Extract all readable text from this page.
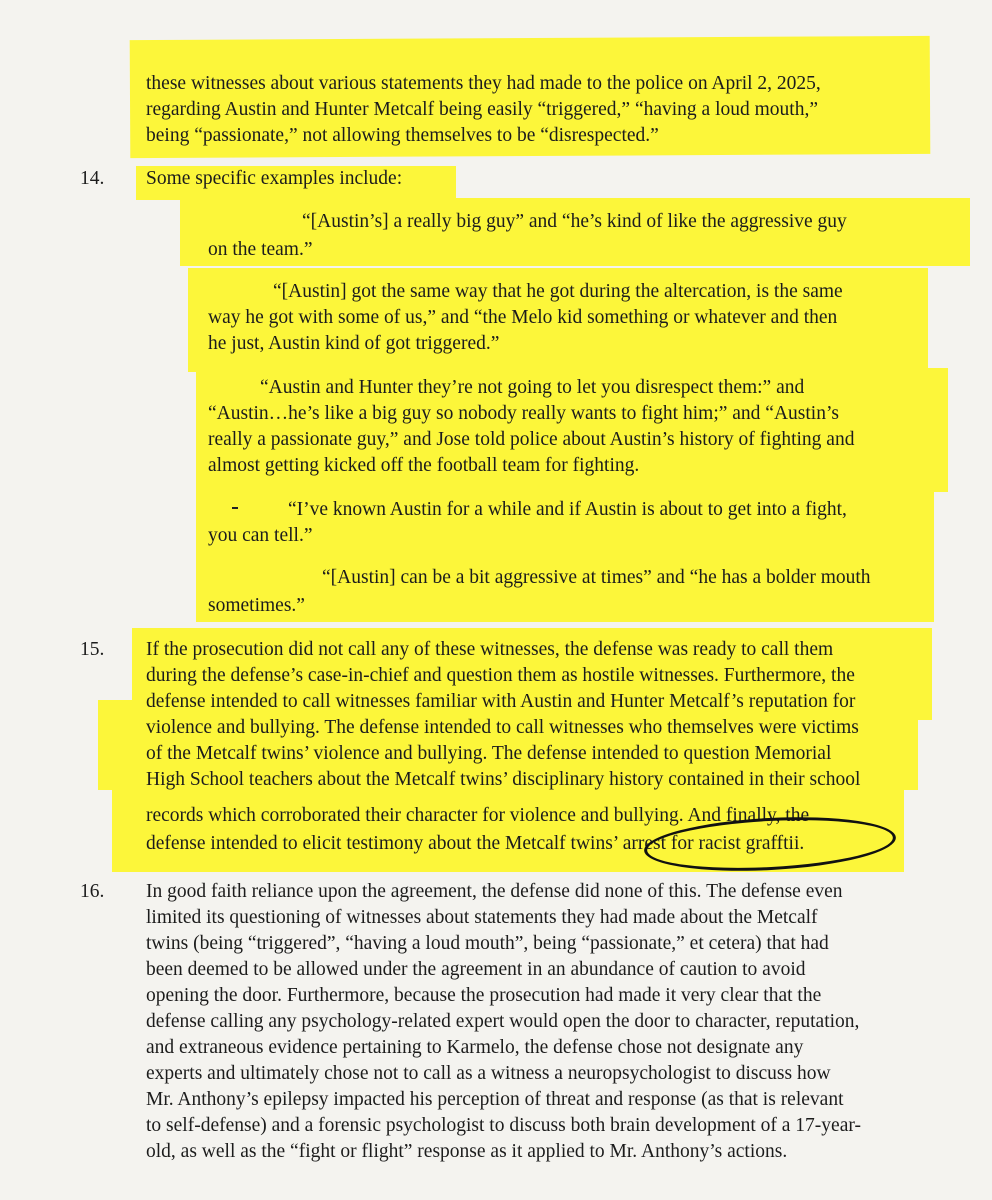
these witnesses about various statements they had made to the police on April 2, 2025,
regarding Austin and Hunter Metcalf being easily “triggered,” “having a loud mouth,”
being “passionate,” not allowing themselves to be “disrespected.”
14. Some specific examples include:
“[Austin’s] a really big guy” and “he’s kind of like the aggressive guy
on the team.”
“[Austin] got the same way that he got during the altercation, is the same
way he got with some of us,” and “the Melo kid something or whatever and then
he just, Austin kind of got triggered.”
“Austin and Hunter they’re not going to let you disrespect them:” and
“Austin…he’s like a big guy so nobody really wants to fight him;” and “Austin’s
really a passionate guy,” and Jose told police about Austin’s history of fighting and
almost getting kicked off the football team for fighting.
“I’ve known Austin for a while and if Austin is about to get into a fight,
you can tell.”
“[Austin] can be a bit aggressive at times” and “he has a bolder mouth
sometimes.”
15. If the prosecution did not call any of these witnesses, the defense was ready to call them
during the defense’s case-in-chief and question them as hostile witnesses. Furthermore, the
defense intended to call witnesses familiar with Austin and Hunter Metcalf’s reputation for
violence and bullying. The defense intended to call witnesses who themselves were victims
of the Metcalf twins’ violence and bullying. The defense intended to question Memorial
High School teachers about the Metcalf twins’ disciplinary history contained in their school
records which corroborated their character for violence and bullying. And finally, the
defense intended to elicit testimony about the Metcalf twins’ arrest for racist grafftii.
16. In good faith reliance upon the agreement, the defense did none of this. The defense even
limited its questioning of witnesses about statements they had made about the Metcalf
twins (being “triggered”, “having a loud mouth”, being “passionate,” et cetera) that had
been deemed to be allowed under the agreement in an abundance of caution to avoid
opening the door. Furthermore, because the prosecution had made it very clear that the
defense calling any psychology-related expert would open the door to character, reputation,
and extraneous evidence pertaining to Karmelo, the defense chose not designate any
experts and ultimately chose not to call as a witness a neuropsychologist to discuss how
Mr. Anthony’s epilepsy impacted his perception of threat and response (as that is relevant
to self-defense) and a forensic psychologist to discuss both brain development of a 17-year-
old, as well as the “fight or flight” response as it applied to Mr. Anthony’s actions.
